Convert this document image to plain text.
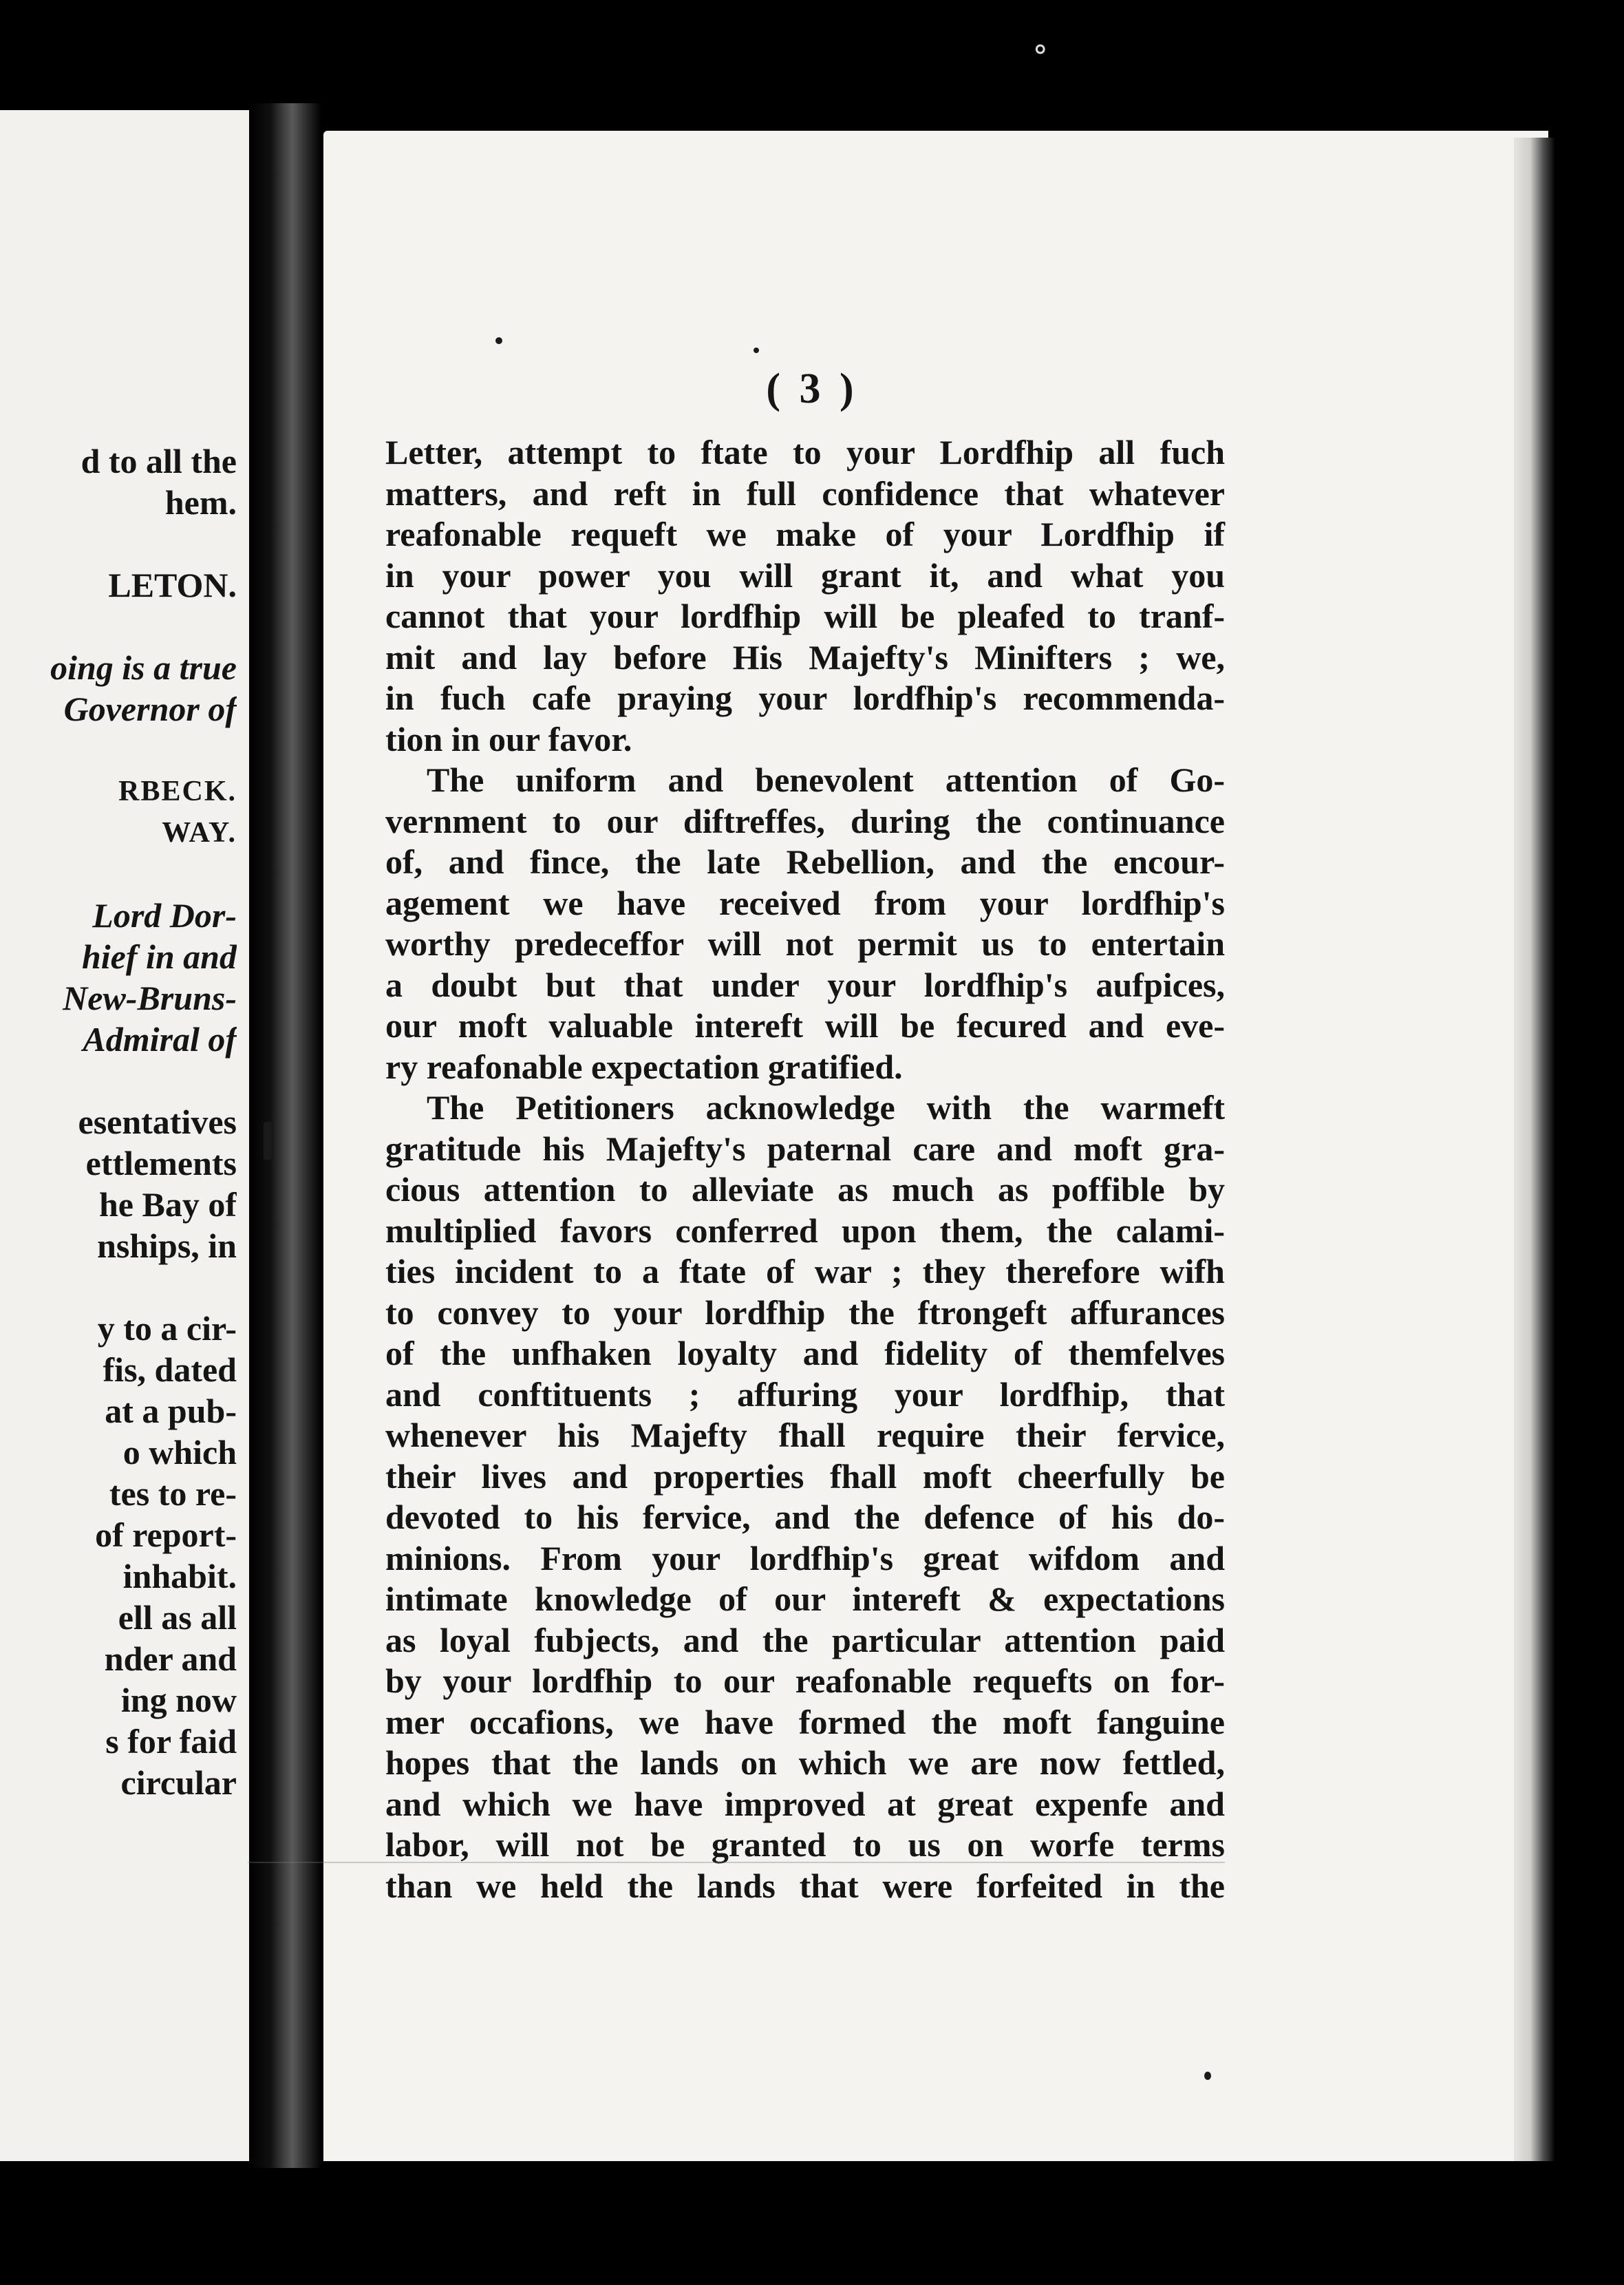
d to all the
hem.
LETON.
oing is a true
Governor of
RBECK.
WAY.
Lord Dor-
hief in and
New-Bruns-
Admiral of
esentatives
ettlements
he Bay of
nships, in
y to a cir-
fis, dated
at a pub-
o which
tes to re-
of report-
inhabit.
ell as all
nder and
ing now
s for faid
circular
⚬
( 3 )
Letter, attempt to ftate to your Lordfhip all fuch
matters, and reft in full confidence that whatever
reafonable requeft we make of your Lordfhip if
in your power you will grant it, and what you
cannot that your lordfhip will be pleafed to tranf-
mit and lay before His Majefty's Minifters ; we,
in fuch cafe praying your lordfhip's recommenda-
tion in our favor.
The uniform and benevolent attention of Go-
vernment to our diftreffes, during the continuance
of, and fince, the late Rebellion, and the encour-
agement we have received from your lordfhip's
worthy predeceffor will not permit us to entertain
a doubt but that under your lordfhip's aufpices,
our moft valuable intereft will be fecured and eve-
ry reafonable expectation gratified.
The Petitioners acknowledge with the warmeft
gratitude his Majefty's paternal care and moft gra-
cious attention to alleviate as much as poffible by
multiplied favors conferred upon them, the calami-
ties incident to a ftate of war ; they therefore wifh
to convey to your lordfhip the ftrongeft affurances
of the unfhaken loyalty and fidelity of themfelves
and conftituents ; affuring your lordfhip, that
whenever his Majefty fhall require their fervice,
their lives and properties fhall moft cheerfully be
devoted to his fervice, and the defence of his do-
minions. From your lordfhip's great wifdom and
intimate knowledge of our intereft & expectations
as loyal fubjects, and the particular attention paid
by your lordfhip to our reafonable requefts on for-
mer occafions, we have formed the moft fanguine
hopes that the lands on which we are now fettled,
and which we have improved at great expenfe and
labor, will not be granted to us on worfe terms
than we held the lands that were forfeited in the
